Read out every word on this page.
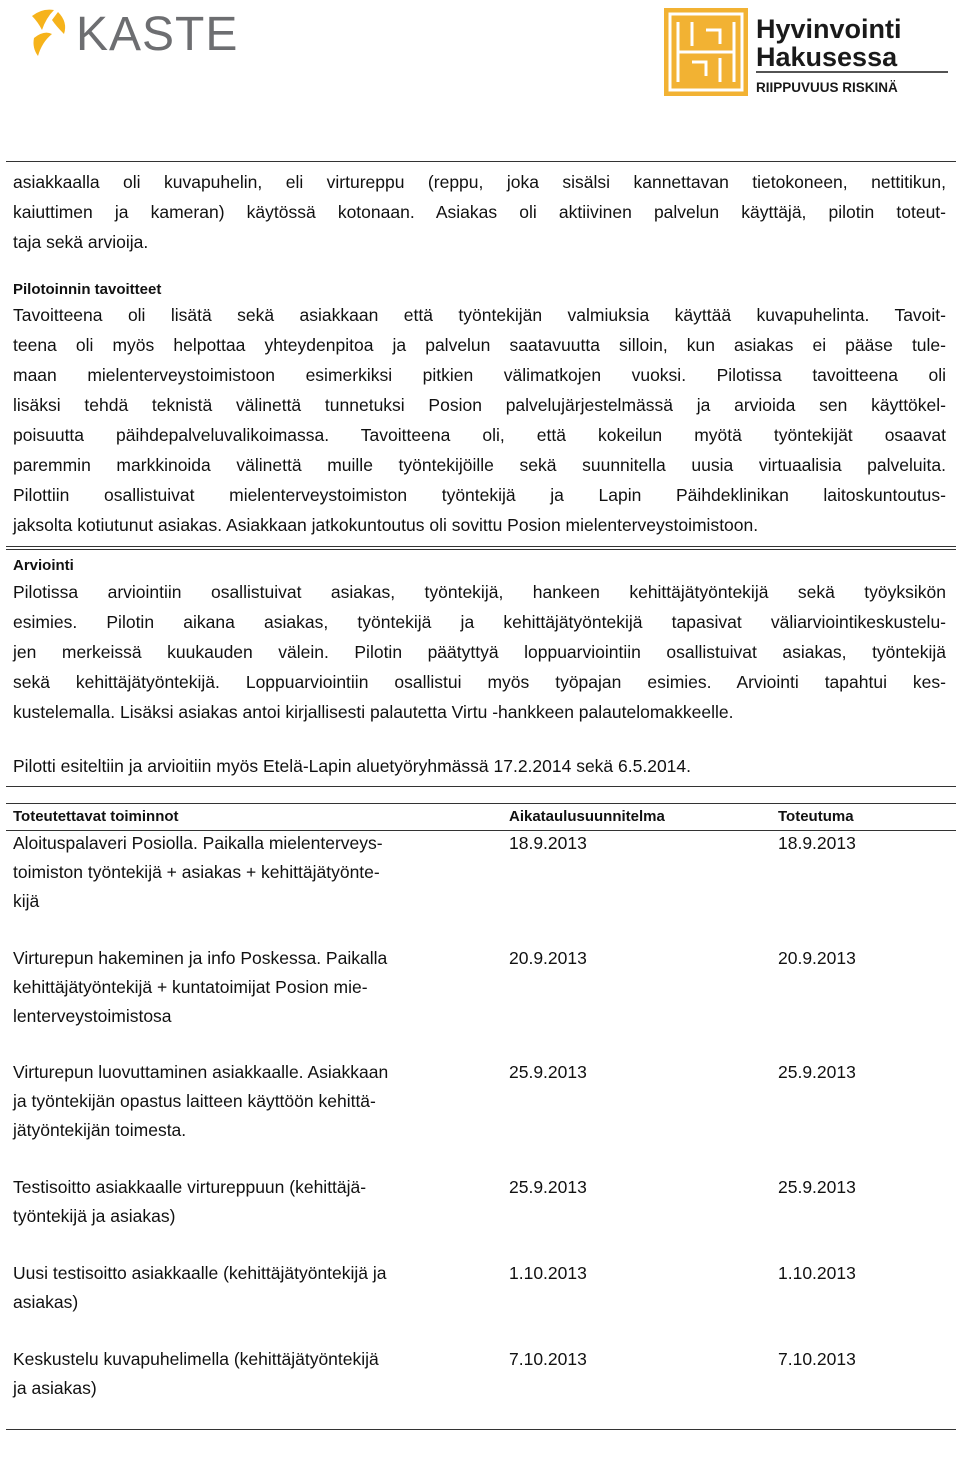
KASTE	Hyvinvointi
Hakusessa
RIIPPUVUUS RISKINÄ
asiakkaalla oli kuvapuhelin, eli virtureppu (reppu, joka sisälsi kannettavan tietokoneen, nettitikun,
kaiuttimen ja kameran) käytössä kotonaan. Asiakas oli aktiivinen palvelun käyttäjä, pilotin toteut-
taja sekä arvioija.
Pilotoinnin tavoitteet
Tavoitteena oli lisätä sekä asiakkaan että työntekijän valmiuksia käyttää kuvapuhelinta. Tavoit-
teena oli myös helpottaa yhteydenpitoa ja palvelun saatavuutta silloin, kun asiakas ei pääse tule-
maan mielenterveystoimistoon esimerkiksi pitkien välimatkojen vuoksi. Pilotissa tavoitteena oli
lisäksi tehdä teknistä välinettä tunnetuksi Posion palvelujärjestelmässä ja arvioida sen käyttökel-
poisuutta päihdepalveluvalikoimassa. Tavoitteena oli, että kokeilun myötä työntekijät osaavat
paremmin markkinoida välinettä muille työntekijöille sekä suunnitella uusia virtuaalisia palveluita.
Pilottiin osallistuivat mielenterveystoimiston työntekijä ja Lapin Päihdeklinikan laitoskuntoutus-
jaksolta kotiutunut asiakas. Asiakkaan jatkokuntoutus oli sovittu Posion mielenterveystoimistoon.
Arviointi
Pilotissa arviointiin osallistuivat asiakas, työntekijä, hankeen kehittäjätyöntekijä sekä työyksikön
esimies. Pilotin aikana asiakas, työntekijä ja kehittäjätyöntekijä tapasivat väliarviointikeskustelu-
jen merkeissä kuukauden välein. Pilotin päätyttyä loppuarviointiin osallistuivat asiakas, työntekijä
sekä kehittäjätyöntekijä. Loppuarviointiin osallistui myös työpajan esimies. Arviointi tapahtui kes-
kustelemalla. Lisäksi asiakas antoi kirjallisesti palautetta Virtu -hankkeen palautelomakkeelle.
Pilotti esiteltiin ja arvioitiin myös Etelä-Lapin aluetyöryhmässä 17.2.2014 sekä 6.5.2014.
Toteutettavat toiminnot	Aikataulusuunnitelma	Toteutuma
Aloituspalaveri Posiolla. Paikalla mielenterveys-
toimiston työntekijä + asiakas + kehittäjätyönte-
kijä
18.9.2013	18.9.2013
Virturepun hakeminen ja info Poskessa. Paikalla
kehittäjätyöntekijä + kuntatoimijat Posion mie-
lenterveystoimistosa
20.9.2013	20.9.2013
Virturepun luovuttaminen asiakkaalle. Asiakkaan
ja työntekijän opastus laitteen käyttöön kehittä-
jätyöntekijän toimesta.
25.9.2013	25.9.2013
Testisoitto asiakkaalle virtureppuun (kehittäjä-
työntekijä ja asiakas)
25.9.2013	25.9.2013
Uusi testisoitto asiakkaalle (kehittäjätyöntekijä ja
asiakas)
1.10.2013	1.10.2013
Keskustelu kuvapuhelimella (kehittäjätyöntekijä
ja asiakas)
7.10.2013	7.10.2013
